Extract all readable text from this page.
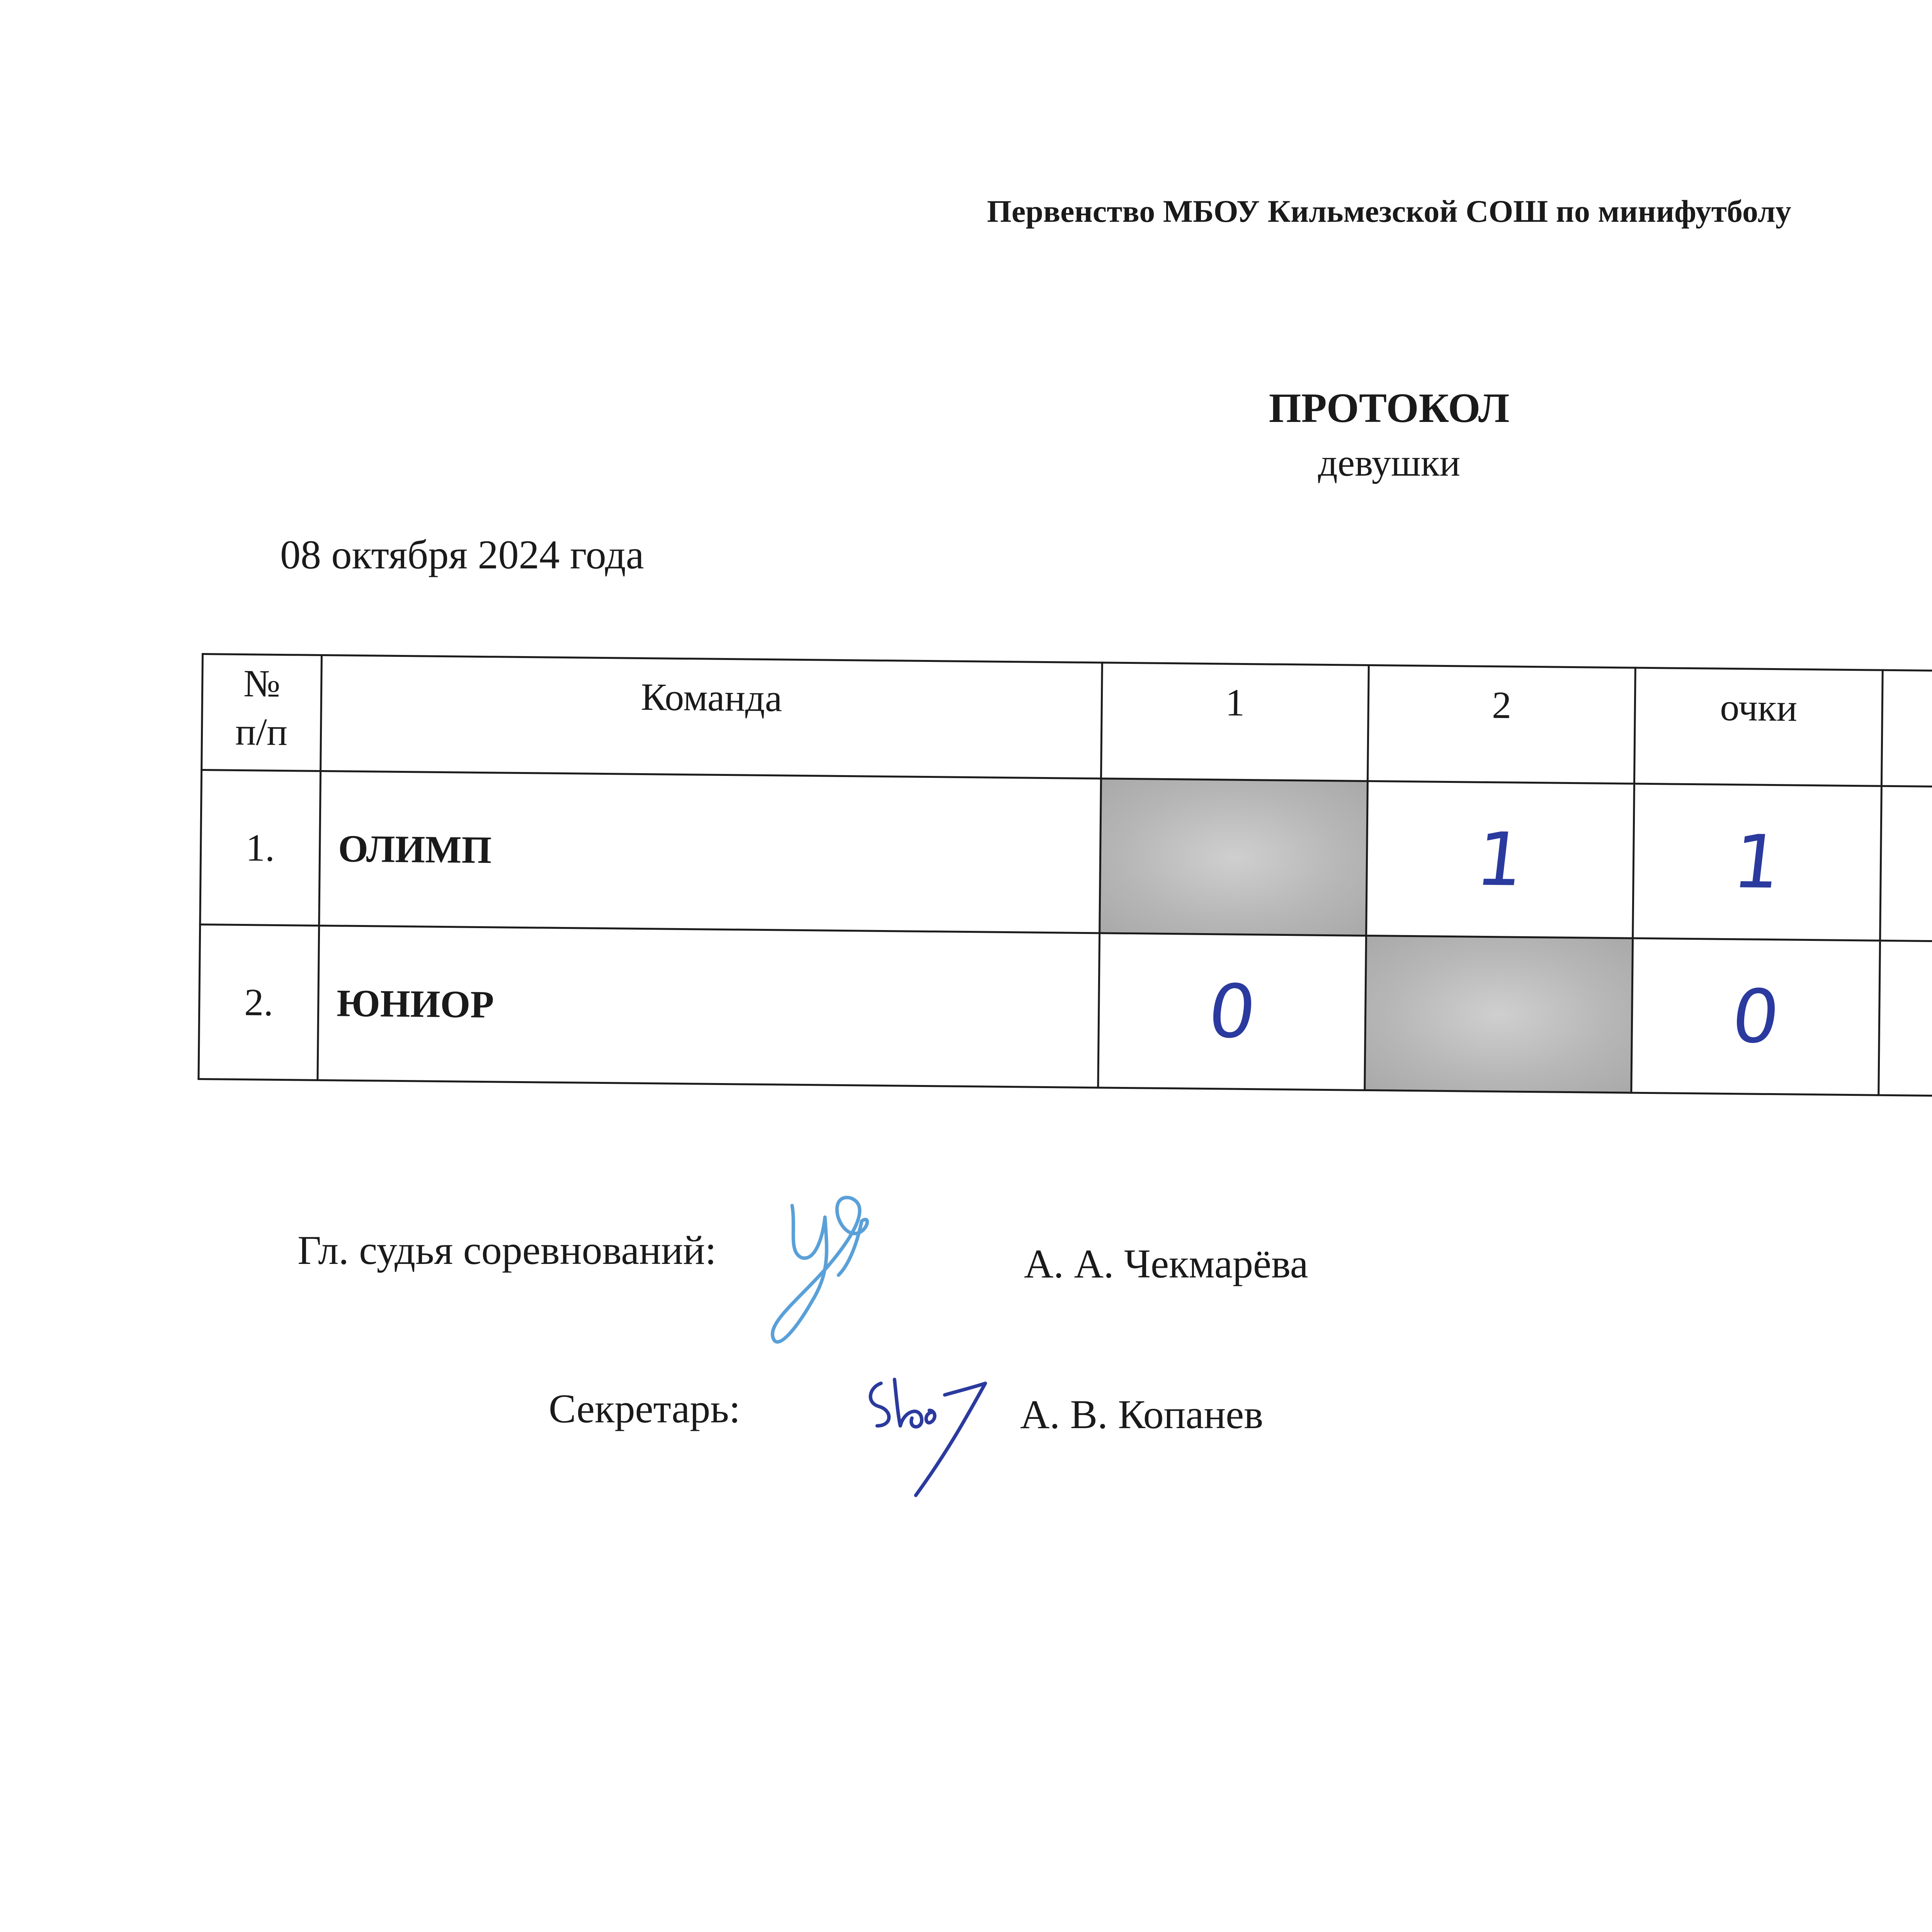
Первенство МБОУ Кильмезской СОШ по минифутболу
ПРОТОКОЛ
девушки
08 октября 2024 года
№
п/п	Команда	1	2	очки	
1.	ОЛИМП		1	1	
2.	ЮНИОР	0		0	
Гл. судья соревнований:	А. А. Чекмарёва
Секретарь:	А. В. Копанев
